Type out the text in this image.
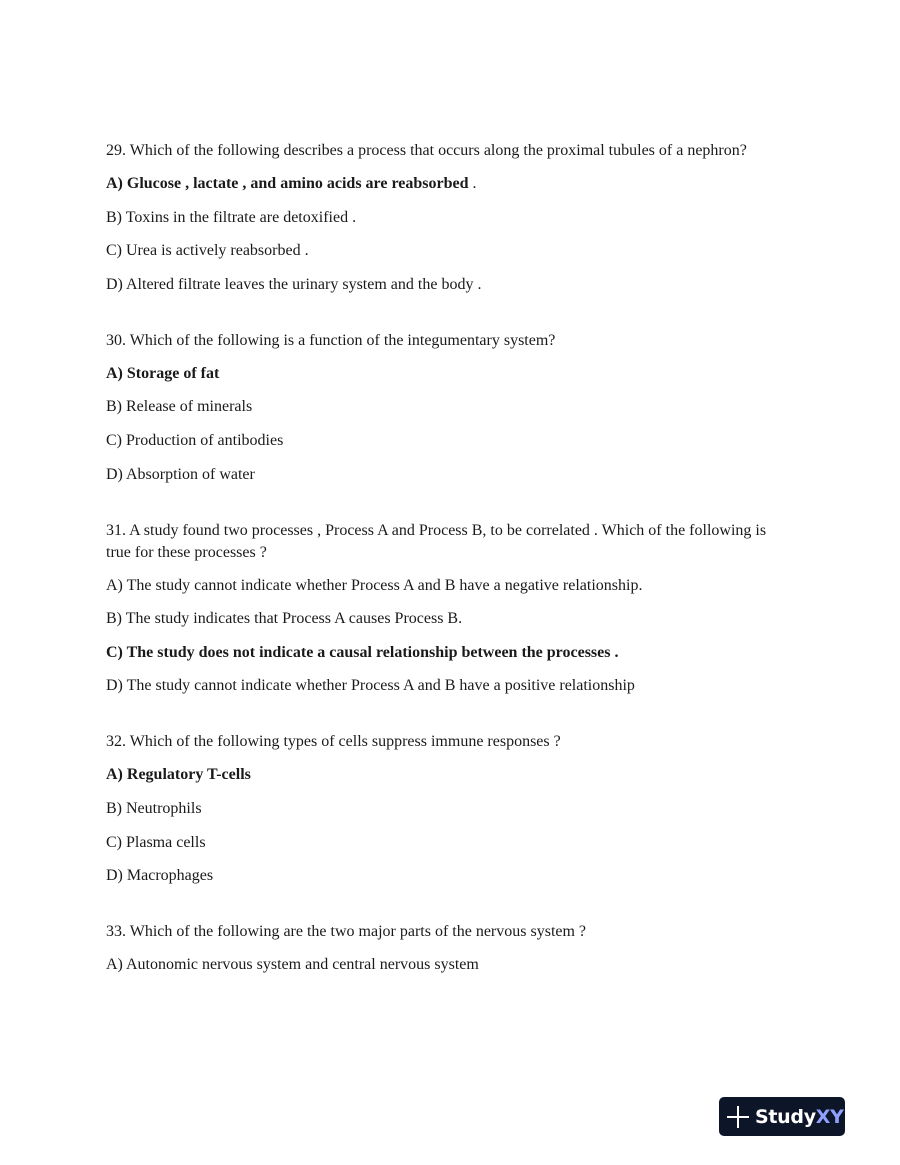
29. Which of the following describes a process that occurs along the proximal tubules of a nephron?

A) Glucose , lactate , and amino acids are reabsorbed .

B) Toxins in the filtrate are detoxified .

C) Urea is actively reabsorbed .

D) Altered filtrate leaves the urinary system and the body .

30. Which of the following is a function of the integumentary system?

A) Storage of fat

B) Release of minerals

C) Production of antibodies

D) Absorption of water

31. A study found two processes , Process A and Process B, to be correlated . Which of the following is true for these processes ?

A) The study cannot indicate whether Process A and B have a negative relationship.

B) The study indicates that Process A causes Process B.

C) The study does not indicate a causal relationship between the processes .

D) The study cannot indicate whether Process A and B have a positive relationship

32. Which of the following types of cells suppress immune responses ?

A) Regulatory T-cells

B) Neutrophils

C) Plasma cells

D) Macrophages

33. Which of the following are the two major parts of the nervous system ?

A) Autonomic nervous system and central nervous system

StudyXY
